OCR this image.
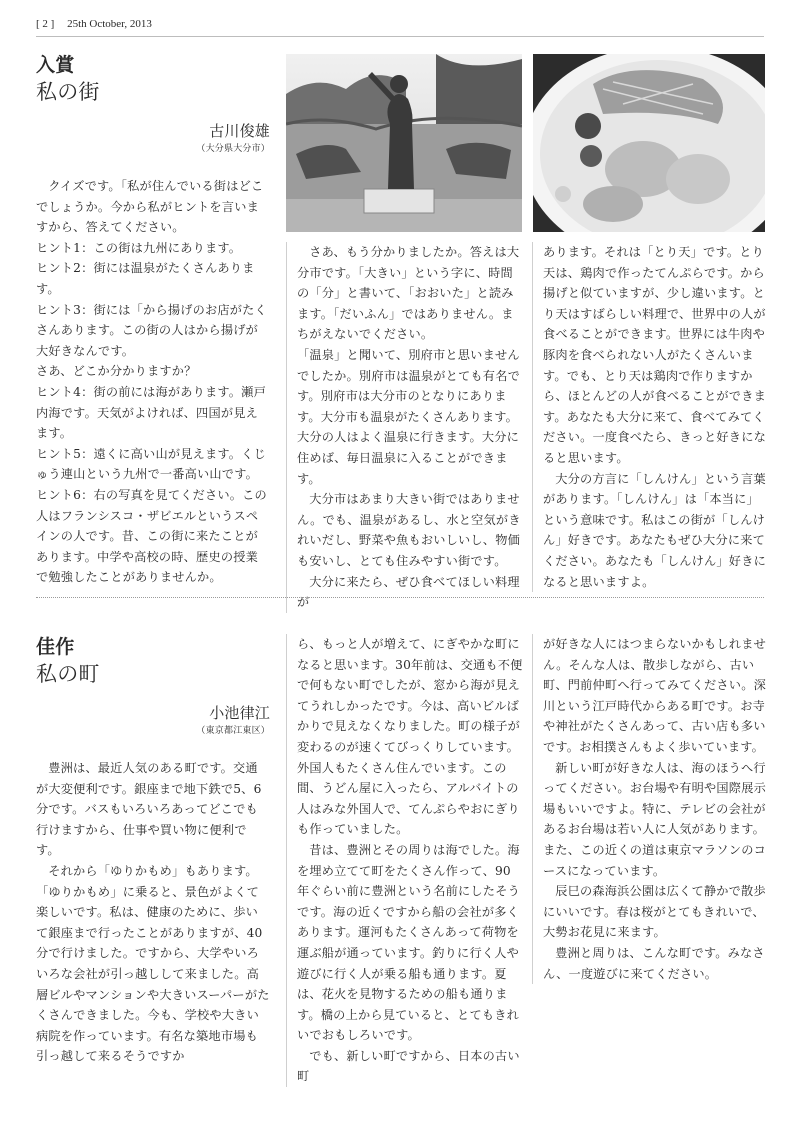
[ 2 ] 25th October, 2013
入賞
私の街
古川俊雄
（大分県大分市）

クイズです。「私が住んでいる街はどこでしょうか。今から私がヒントを言いますから、答えてください。

ヒント1：この街は九州にあります。

ヒント2：街には温泉がたくさんあります。

ヒント3：街には「から揚げのお店がたくさんあります。この街の人はから揚げが大好きなんです。

さあ、どこか分かりますか？

ヒント4：街の前には海があります。瀬戸内海です。天気がよければ、四国が見えます。

ヒント5：遠くに高い山が見えます。くじゅう連山という九州で一番高い山です。

ヒント6：右の写真を見てください。この人はフランシスコ・ザビエルというスペインの人です。昔、この街に来たことがあります。中学や高校の時、歴史の授業で勉強したことがありませんか。

さあ、もう分かりましたか。答えは大分市です。「大きい」という字に、時間の「分」と書いて、「おおいた」と読みます。「だいふん」ではありません。まちがえないでください。

「温泉」と聞いて、別府市と思いませんでしたか。別府市は温泉がとても有名です。別府市は大分市のとなりにあります。大分市も温泉がたくさんあります。大分の人はよく温泉に行きます。大分に住めば、毎日温泉に入ることができます。

大分市はあまり大きい街ではありません。でも、温泉があるし、水と空気がきれいだし、野菜や魚もおいしいし、物価も安いし、とても住みやすい街です。

大分に来たら、ぜひ食べてほしい料理が

あります。それは「とり天」です。とり天は、鶏肉で作ったてんぷらです。から揚げと似ていますが、少し違います。とり天はすばらしい料理で、世界中の人が食べることができます。世界には牛肉や豚肉を食べられない人がたくさんいます。でも、とり天は鶏肉で作りますから、ほとんどの人が食べることができます。あなたも大分に来て、食べてみてください。一度食べたら、きっと好きになると思います。

大分の方言に「しんけん」という言葉があります。「しんけん」は「本当に」という意味です。私はこの街が「しんけん」好きです。あなたもぜひ大分に来てください。あなたも「しんけん」好きになると思いますよ。

佳作
私の町
小池律江
（東京都江東区）

豊洲は、最近人気のある町です。交通が大変便利です。銀座まで地下鉄で5、6分です。バスもいろいろあってどこでも行けますから、仕事や買い物に便利です。

それから「ゆりかもめ」もあります。「ゆりかもめ」に乗ると、景色がよくて楽しいです。私は、健康のために、歩いて銀座まで行ったことがありますが、40分で行けました。ですから、大学やいろいろな会社が引っ越しして来ました。高層ビルやマンションや大きいスーパーがたくさんできました。今も、学校や大きい病院を作っています。有名な築地市場も引っ越して来るそうですか

ら、もっと人が増えて、にぎやかな町になると思います。30年前は、交通も不便で何もない町でしたが、窓から海が見えてうれしかったです。今は、高いビルばかりで見えなくなりました。町の様子が変わるのが速くてびっくりしています。外国人もたくさん住んでいます。この間、うどん屋に入ったら、アルバイトの人はみな外国人で、てんぷらやおにぎりも作っていました。

昔は、豊洲とその周りは海でした。海を埋め立てて町をたくさん作って、90年ぐらい前に豊洲という名前にしたそうです。海の近くですから船の会社が多くあります。運河もたくさんあって荷物を運ぶ船が通っています。釣りに行く人や遊びに行く人が乗る船も通ります。夏は、花火を見物するための船も通ります。橋の上から見ていると、とてもきれいでおもしろいです。

でも、新しい町ですから、日本の古い町

が好きな人にはつまらないかもしれません。そんな人は、散歩しながら、古い町、門前仲町へ行ってみてください。深川という江戸時代からある町です。お寺や神社がたくさんあって、古い店も多いです。お相撲さんもよく歩いています。

新しい町が好きな人は、海のほうへ行ってください。お台場や有明や国際展示場もいいですよ。特に、テレビの会社があるお台場は若い人に人気があります。また、この近くの道は東京マラソンのコースになっています。

辰巳の森海浜公園は広くて静かで散歩にいいです。春は桜がとてもきれいで、大勢お花見に来ます。

豊洲と周りは、こんな町です。みなさん、一度遊びに来てください。
